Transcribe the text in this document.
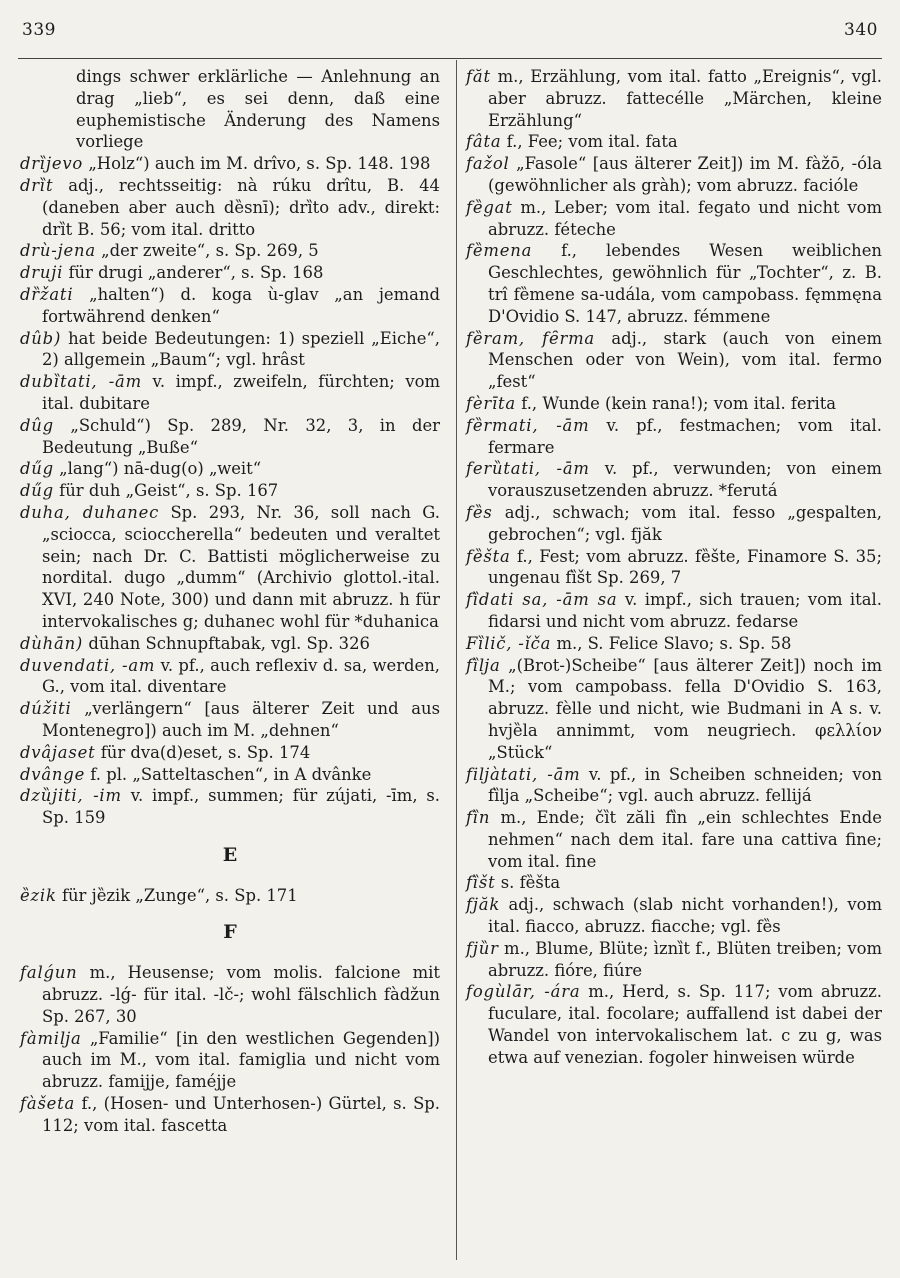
339	340

dings schwer erklärliche — Anlehnung an drag „lieb“, es sei denn, daß eine euphemistische Änderung des Namens vorliege

drȉjevo „Holz“) auch im M. drîvo, s. Sp. 148. 198

drȉt adj., rechtsseitig: nà rúku drîtu, B. 44 (daneben aber auch dȅsnī); drȉto adv., direkt: drȉt B. 56; vom ital. dritto

drù-jena „der zweite“, s. Sp. 269, 5

druji für drugi „anderer“, s. Sp. 168

dȑžati „halten“) d. koga ù-glav „an jemand fortwährend denken“

dûb) hat beide Bedeutungen: 1) speziell „Eiche“, 2) allgemein „Baum“; vgl. hrâst

dubȉtati, -ām v. impf., zweifeln, fürchten; vom ital. dubitare

dûg „Schuld“) Sp. 289, Nr. 32, 3, in der Bedeutung „Buße“

dűg „lang“) nā-dug(o) „weit“

dűg für duh „Geist“, s. Sp. 167

duha, duhanec Sp. 293, Nr. 36, soll nach G. „sciocca, scioccherella“ bedeuten und veraltet sein; nach Dr. C. Battisti möglicherweise zu nordital. dugo „dumm“ (Archivio glottol.-ital. XVI, 240 Note, 300) und dann mit abruzz. h für intervokalisches g; duhanec wohl für *duhanica

dùhān) dūhan Schnupftabak, vgl. Sp. 326

duvendati, -am v. pf., auch reflexiv d. sa, werden, G., vom ital. diventare

dúžiti „verlängern“ [aus älterer Zeit und aus Montenegro]) auch im M. „dehnen“

dvâjaset für dva(d)eset, s. Sp. 174

dvânge f. pl. „Satteltaschen“, in A dvânke

dzȕjiti, -im v. impf., summen; für zújati, -īm, s. Sp. 159

E

ȅzik für jȅzik „Zunge“, s. Sp. 171

F

falǵun m., Heusense; vom molis. falcione mit abruzz. -lǵ- für ital. -lč-; wohl fälschlich fàdžun Sp. 267, 30

fàmiǉa „Familie“ [in den westlichen Gegenden]) auch im M., vom ital. famiglia und nicht vom abruzz. famijje, faméjje

fàšeta f., (Hosen- und Unterhosen-) Gürtel, s. Sp. 112; vom ital. fascetta

făt m., Erzählung, vom ital. fatto „Ereignis“, vgl. aber abruzz. fattecélle „Märchen, kleine Erzählung“

fâta f., Fee; vom ital. fata

fažol „Fasole“ [aus älterer Zeit]) im M. fàžō, -óla (gewöhnlicher als gràh); vom abruzz. faciόle

fȅgat m., Leber; vom ital. fegato und nicht vom abruzz. féteche

fȅmena f., lebendes Wesen weiblichen Geschlechtes, gewöhnlich für „Tochter“, z. B. trî fȅmene sa-udála, vom campobass. fęmmęna D'Ovidio S. 147, abruzz. fémmene

fȅram, fȇrma adj., stark (auch von einem Menschen oder von Wein), vom ital. fermo „fest“

fèrīta f., Wunde (kein rana!); vom ital. ferita

fȅrmati, -ām v. pf., festmachen; vom ital. fermare

ferȕtati, -ām v. pf., verwunden; von einem vorauszusetzenden abruzz. *ferutá

fȅs adj., schwach; vom ital. fesso „gespalten, gebrochen“; vgl. fjăk

fȅšta f., Fest; vom abruzz. fȅšte, Finamore S. 35; ungenau fȉšt Sp. 269, 7

fȉdati sa, -ām sa v. impf., sich trauen; vom ital. fidarsi und nicht vom abruzz. fedarse

Fȉlič, -ǐča m., S. Felice Slavo; s. Sp. 58

fȉǉa „(Brot-)Scheibe“ [aus älterer Zeit]) noch im M.; vom campobass. fella D'Ovidio S. 163, abruzz. fèlle und nicht, wie Budmani in A s. v. hvjȅla annimmt, vom neugriech. φελλίον „Stück“

fiǉàtati, -ām v. pf., in Scheiben schneiden; von fȉǉa „Scheibe“; vgl. auch abruzz. fellijá

fȉn m., Ende; čȉt zăli fȉn „ein schlechtes Ende nehmen“ nach dem ital. fare una cattiva fine; vom ital. fine

fȉšt s. fȅšta

fjăk adj., schwach (slab nicht vorhanden!), vom ital. fiacco, abruzz. fiacche; vgl. fȅs

fjȕr m., Blume, Blüte; ìznȉt f., Blüten treiben; vom abruzz. fióre, fiúre

fogùlār, -ára m., Herd, s. Sp. 117; vom abruzz. fuculare, ital. focolare; auffallend ist dabei der Wandel von intervokalischem lat. c zu g, was etwa auf venezian. fogoler hinweisen würde
